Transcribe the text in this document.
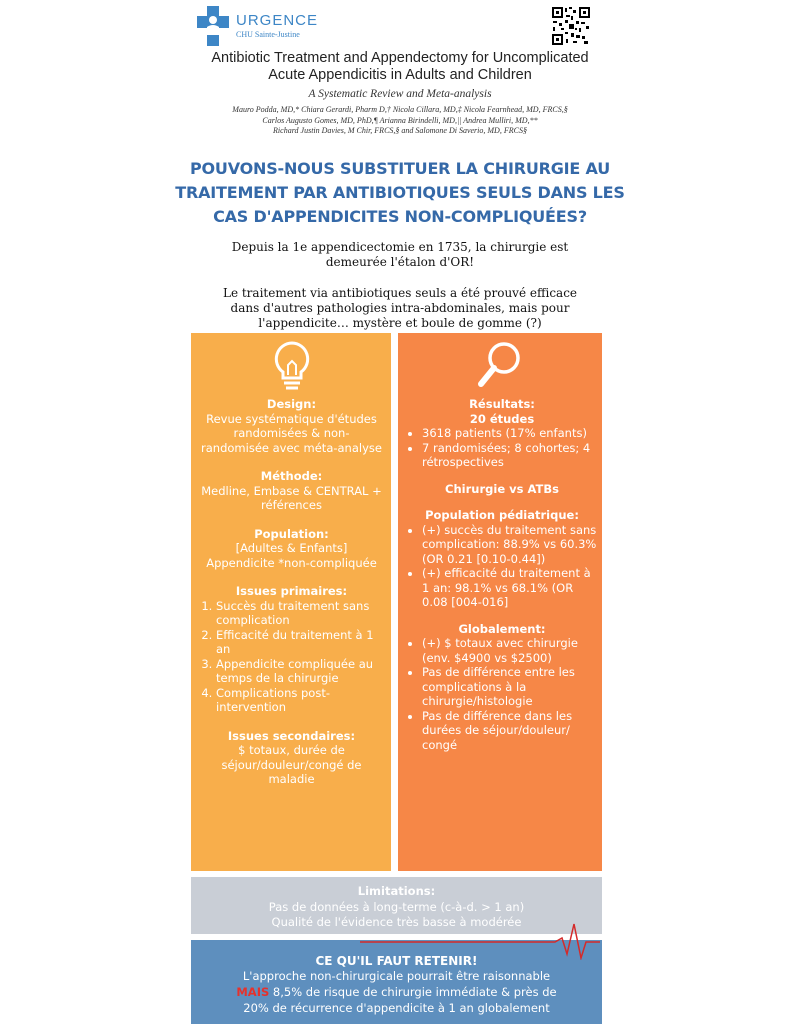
URGENCE
CHU Sainte-Justine
Antibiotic Treatment and Appendectomy for Uncomplicated
Acute Appendicitis in Adults and Children
A Systematic Review and Meta-analysis
Mauro Podda, MD,* Chiara Gerardi, Pharm D,† Nicola Cillara, MD,‡ Nicola Fearnhead, MD, FRCS,§
Carlos Augusto Gomes, MD, PhD,¶ Arianna Birindelli, MD,|| Andrea Mulliri, MD,**
Richard Justin Davies, M Chir, FRCS,§ and Salomone Di Saverio, MD, FRCS§
POUVONS-NOUS SUBSTITUER LA CHIRURGIE AU
TRAITEMENT PAR ANTIBIOTIQUES SEULS DANS LES
CAS D'APPENDICITES NON-COMPLIQUÉES?

Depuis la 1e appendicectomie en 1735, la chirurgie est
demeurée l'étalon d'OR!

Le traitement via antibiotiques seuls a été prouvé efficace
dans d'autres pathologies intra-abdominales, mais pour
l'appendicite… mystère et boule de gomme (?)

Design:
Revue systématique d'études randomisées & non-randomisée avec méta-analyse
Méthode:
Medline, Embase & CENTRAL + références
Population:
[Adultes & Enfants] Appendicite *non-compliquée
Issues primaires:
1. Succès du traitement sans complication
2. Efficacité du traitement à 1 an
3. Appendicite compliquée au temps de la chirurgie
4. Complications post-intervention
Issues secondaires:
$ totaux, durée de séjour/douleur/congé de maladie
Résultats:
20 études
• 3618 patients (17% enfants)
• 7 randomisées; 8 cohortes; 4 rétrospectives
Chirurgie vs ATBs
Population pédiatrique:
• (+) succès du traitement sans complication: 88.9% vs 60.3% (OR 0.21 [0.10-0.44])
• (+) efficacité du traitement à 1 an: 98.1% vs 68.1% (OR 0.08 [004-016]
Globalement:
• (+) $ totaux avec chirurgie (env. $4900 vs $2500)
• Pas de différence entre les complications à la chirurgie/histologie
• Pas de différence dans les durées de séjour/douleur/ congé
Limitations:
Pas de données à long-terme (c-à-d. > 1 an)
Qualité de l'évidence très basse à modérée
CE QU'IL FAUT RETENIR!
L'approche non-chirurgicale pourrait être raisonnable
MAIS 8,5% de risque de chirurgie immédiate & près de
20% de récurrence d'appendicite à 1 an globalement
